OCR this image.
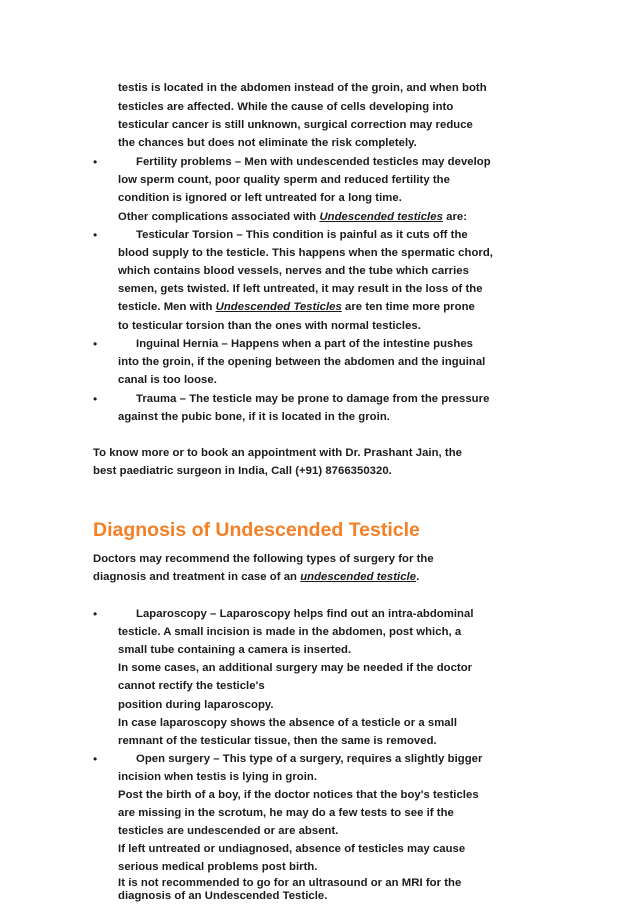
testis is located in the abdomen instead of the groin, and when both
testicles are affected. While the cause of cells developing into
testicular cancer is still unknown, surgical correction may reduce
the chances but does not eliminate the risk completely.
•	Fertility problems – Men with undescended testicles may develop
low sperm count, poor quality sperm and reduced fertility the
condition is ignored or left untreated for a long time.
Other complications associated with Undescended testicles are:
•	Testicular Torsion – This condition is painful as it cuts off the
blood supply to the testicle. This happens when the spermatic chord,
which contains blood vessels, nerves and the tube which carries
semen, gets twisted. If left untreated, it may result in the loss of the
testicle. Men with Undescended Testicles are ten time more prone
to testicular torsion than the ones with normal testicles.
•	Inguinal Hernia – Happens when a part of the intestine pushes
into the groin, if the opening between the abdomen and the inguinal
canal is too loose.
•	Trauma – The testicle may be prone to damage from the pressure
against the pubic bone, if it is located in the groin.
To know more or to book an appointment with Dr. Prashant Jain, the
best paediatric surgeon in India, Call (+91) 8766350320.
Diagnosis of Undescended Testicle
Doctors may recommend the following types of surgery for the
diagnosis and treatment in case of an undescended testicle.
•	Laparoscopy – Laparoscopy helps find out an intra-abdominal
testicle. A small incision is made in the abdomen, post which, a
small tube containing a camera is inserted.
In some cases, an additional surgery may be needed if the doctor
cannot rectify the testicle's
position during laparoscopy.
In case laparoscopy shows the absence of a testicle or a small
remnant of the testicular tissue, then the same is removed.
•	Open surgery – This type of a surgery, requires a slightly bigger
incision when testis is lying in groin.
Post the birth of a boy, if the doctor notices that the boy's testicles
are missing in the scrotum, he may do a few tests to see if the
testicles are undescended or are absent.
If left untreated or undiagnosed, absence of testicles may cause
serious medical problems post birth.
It is not recommended to go for an ultrasound or an MRI for the
diagnosis of an Undescended Testicle.
